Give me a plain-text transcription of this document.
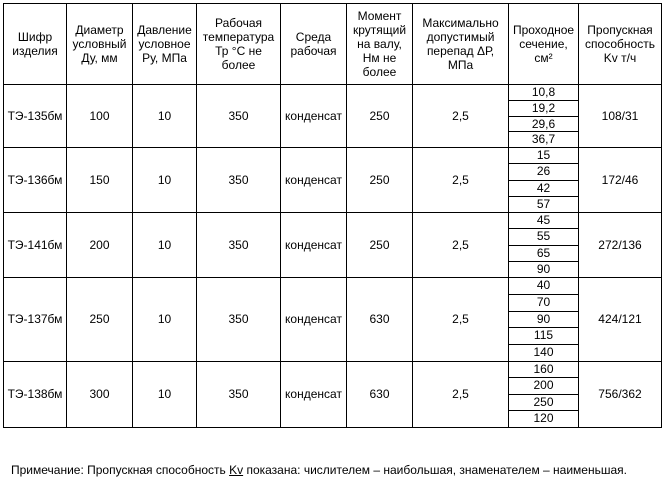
Шифр изделия	Диаметр условный Ду, мм	Давление условное Ру, МПа	Рабочая температура Тр °С не более	Среда рабочая	Момент крутящий на валу, Нм не более	Максимально допустимый перепад ΔР, МПа	Проходное сечение, см²	Пропускная способность Kv т/ч
ТЭ-135бм	100	10	350	конденсат	250	2,5	10,8	108/31
							19,2	
							29,6	
							36,7	
ТЭ-136бм	150	10	350	конденсат	250	2,5	15	172/46
							26	
							42	
							57	
ТЭ-141бм	200	10	350	конденсат	250	2,5	45	272/136
							55	
							65	
							90	
ТЭ-137бм	250	10	350	конденсат	630	2,5	40	424/121
							70	
							90	
							115	
							140	
ТЭ-138бм	300	10	350	конденсат	630	2,5	160	756/362
							200	
							250	
							120	
Примечание: Пропускная способность Kv показана: числителем – наибольшая, знаменателем – наименьшая.
